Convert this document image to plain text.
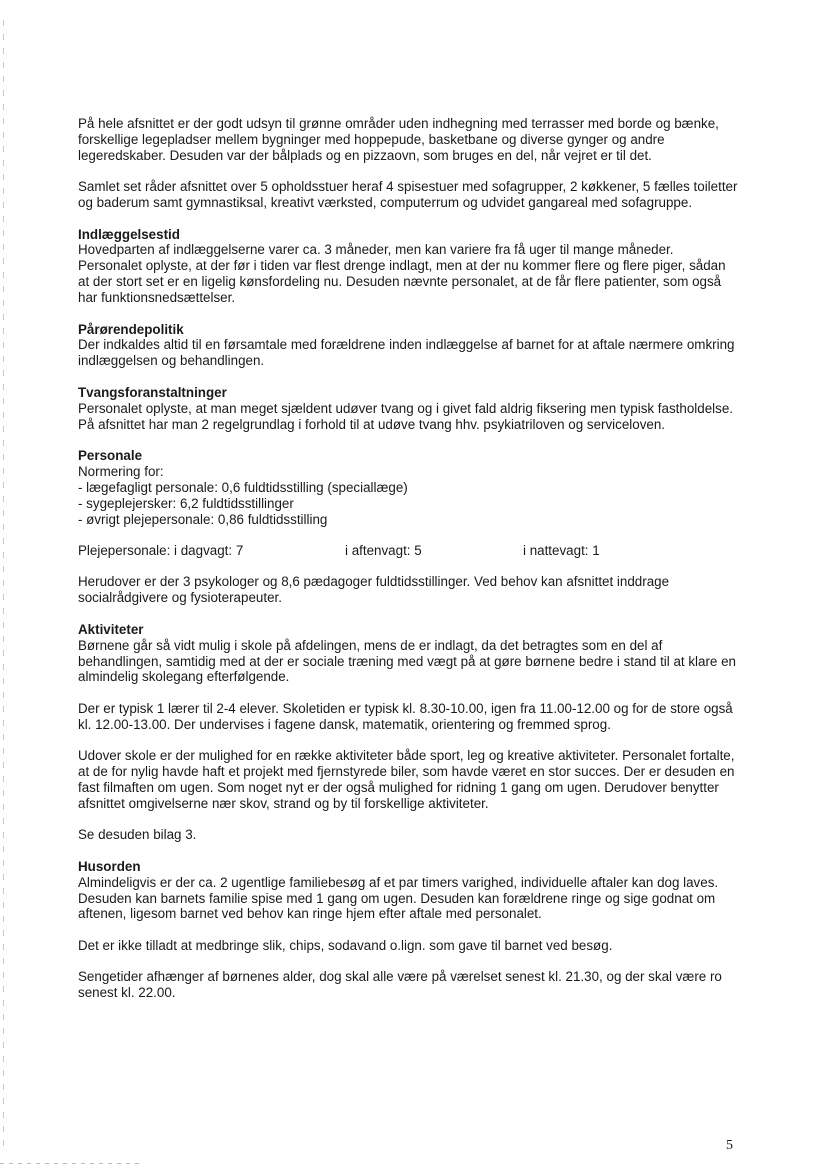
På hele afsnittet er der godt udsyn til grønne områder uden indhegning med terrasser med borde og bænke, forskellige legepladser mellem bygninger med hoppepude, basketbane og diverse gynger og andre legeredskaber. Desuden var der bålplads og en pizzaovn, som bruges en del, når vejret er til det.

Samlet set råder afsnittet over 5 opholdsstuer heraf 4 spisestuer med sofagrupper, 2 køkkener, 5 fælles toiletter og baderum samt gymnastiksal, kreativt værksted, computerrum og udvidet gangareal med sofagruppe.

Indlæggelsestid

Hovedparten af indlæggelserne varer ca. 3 måneder, men kan variere fra få uger til mange måneder. Personalet oplyste, at der før i tiden var flest drenge indlagt, men at der nu kommer flere og flere piger, sådan at der stort set er en ligelig kønsfordeling nu. Desuden nævnte personalet, at de får flere patienter, som også har funktionsnedsættelser.

Pårørendepolitik

Der indkaldes altid til en førsamtale med forældrene inden indlæggelse af barnet for at aftale nærmere omkring indlæggelsen og behandlingen.

Tvangsforanstaltninger

Personalet oplyste, at man meget sjældent udøver tvang og i givet fald aldrig fiksering men typisk fastholdelse. På afsnittet har man 2 regelgrundlag i forhold til at udøve tvang hhv. psykiatriloven og serviceloven.

Personale
Normering for:
- lægefagligt personale: 0,6 fuldtidsstilling (speciallæge)
- sygeplejersker: 6,2 fuldtidsstillinger
- øvrigt plejepersonale: 0,86 fuldtidsstilling
Plejepersonale: i dagvagt: 7	i aftenvagt: 5	i nattevagt: 1

Herudover er der 3 psykologer og 8,6 pædagoger fuldtidsstillinger. Ved behov kan afsnittet inddrage socialrådgivere og fysioterapeuter.

Aktiviteter

Børnene går så vidt mulig i skole på afdelingen, mens de er indlagt, da det betragtes som en del af behandlingen, samtidig med at der er sociale træning med vægt på at gøre børnene bedre i stand til at klare en almindelig skolegang efterfølgende.

Der er typisk 1 lærer til 2-4 elever. Skoletiden er typisk kl. 8.30-10.00, igen fra 11.00-12.00 og for de store også kl. 12.00-13.00. Der undervises i fagene dansk, matematik, orientering og fremmed sprog.

Udover skole er der mulighed for en række aktiviteter både sport, leg og kreative aktiviteter. Personalet fortalte, at de for nylig havde haft et projekt med fjernstyrede biler, som havde været en stor succes. Der er desuden en fast filmaften om ugen. Som noget nyt er der også mulighed for ridning 1 gang om ugen. Derudover benytter afsnittet omgivelserne nær skov, strand og by til forskellige aktiviteter.

Se desuden bilag 3.

Husorden

Almindeligvis er der ca. 2 ugentlige familiebesøg af et par timers varighed, individuelle aftaler kan dog laves. Desuden kan barnets familie spise med 1 gang om ugen. Desuden kan forældrene ringe og sige godnat om aftenen, ligesom barnet ved behov kan ringe hjem efter aftale med personalet.

Det er ikke tilladt at medbringe slik, chips, sodavand o.lign. som gave til barnet ved besøg.

Sengetider afhænger af børnenes alder, dog skal alle være på værelset senest kl. 21.30, og der skal være ro senest kl. 22.00.

5
